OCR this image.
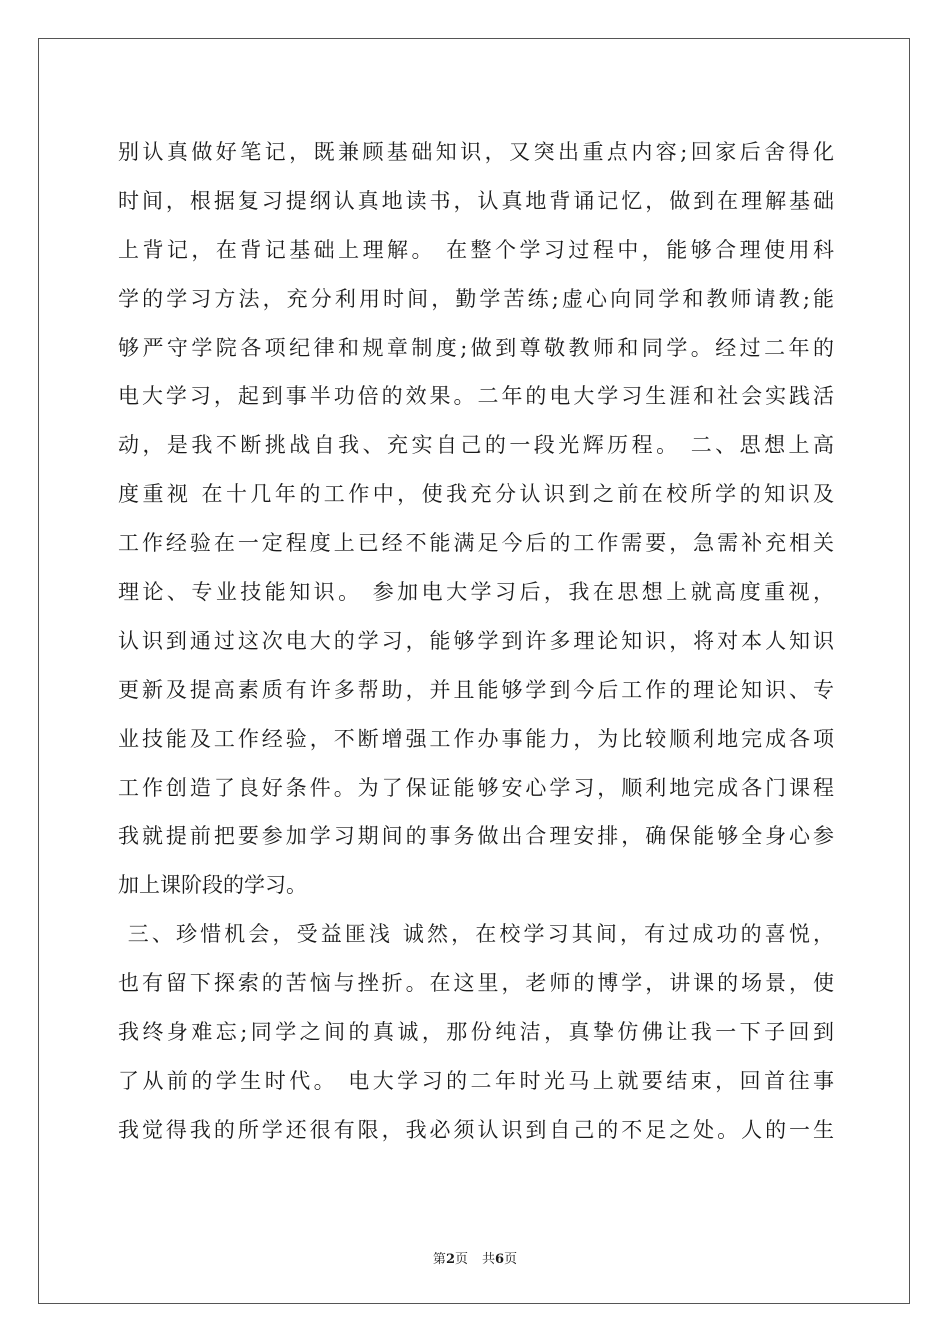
别认真做好笔记，既兼顾基础知识，又突出重点内容;回家后舍得化
时间，根据复习提纲认真地读书，认真地背诵记忆，做到在理解基础
上背记，在背记基础上理解。 在整个学习过程中，能够合理使用科
学的学习方法，充分利用时间，勤学苦练;虚心向同学和教师请教;能
够严守学院各项纪律和规章制度;做到尊敬教师和同学。经过二年的
电大学习，起到事半功倍的效果。二年的电大学习生涯和社会实践活
动，是我不断挑战自我、充实自己的一段光辉历程。 二、思想上高
度重视 在十几年的工作中，使我充分认识到之前在校所学的知识及
工作经验在一定程度上已经不能满足今后的工作需要，急需补充相关
理论、专业技能知识。 参加电大学习后，我在思想上就高度重视，
认识到通过这次电大的学习，能够学到许多理论知识，将对本人知识
更新及提高素质有许多帮助，并且能够学到今后工作的理论知识、专
业技能及工作经验，不断增强工作办事能力，为比较顺利地完成各项
工作创造了良好条件。为了保证能够安心学习，顺利地完成各门课程
我就提前把要参加学习期间的事务做出合理安排，确保能够全身心参
加上课阶段的学习。
三、珍惜机会，受益匪浅 诚然，在校学习其间，有过成功的喜悦，
也有留下探索的苦恼与挫折。在这里，老师的博学，讲课的场景，使
我终身难忘;同学之间的真诚，那份纯洁，真挚仿佛让我一下子回到
了从前的学生时代。 电大学习的二年时光马上就要结束，回首往事
我觉得我的所学还很有限，我必须认识到自己的不足之处。人的一生
第2页 共6页
